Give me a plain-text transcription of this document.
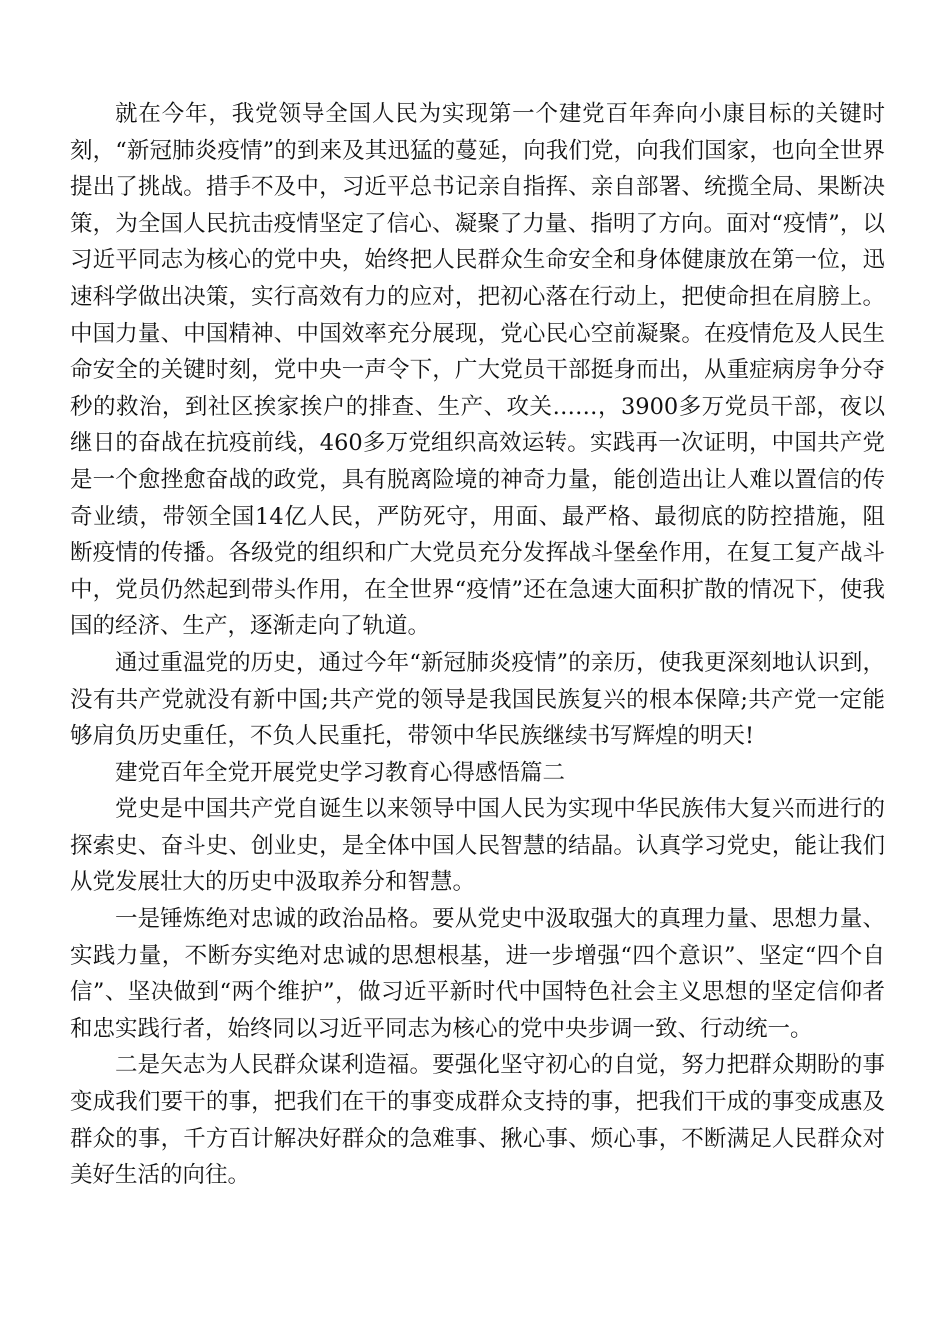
就在今年，我党领导全国人民为实现第一个建党百年奔向小康目标的关键时刻，“新冠肺炎疫情”的到来及其迅猛的蔓延，向我们党，向我们国家，也向全世界提出了挑战。措手不及中，习近平总书记亲自指挥、亲自部署、统揽全局、果断决策，为全国人民抗击疫情坚定了信心、凝聚了力量、指明了方向。面对“疫情”，以习近平同志为核心的党中央，始终把人民群众生命安全和身体健康放在第一位，迅速科学做出决策，实行高效有力的应对，把初心落在行动上，把使命担在肩膀上。中国力量、中国精神、中国效率充分展现，党心民心空前凝聚。在疫情危及人民生命安全的关键时刻，党中央一声令下，广大党员干部挺身而出，从重症病房争分夺秒的救治，到社区挨家挨户的排查、生产、攻关……，3900多万党员干部，夜以继日的奋战在抗疫前线，460多万党组织高效运转。实践再一次证明，中国共产党是一个愈挫愈奋战的政党，具有脱离险境的神奇力量，能创造出让人难以置信的传奇业绩，带领全国14亿人民，严防死守，用面、最严格、最彻底的防控措施，阻断疫情的传播。各级党的组织和广大党员充分发挥战斗堡垒作用，在复工复产战斗中，党员仍然起到带头作用，在全世界“疫情”还在急速大面积扩散的情况下，使我国的经济、生产，逐渐走向了轨道。

通过重温党的历史，通过今年“新冠肺炎疫情”的亲历，使我更深刻地认识到，没有共产党就没有新中国;共产党的领导是我国民族复兴的根本保障;共产党一定能够肩负历史重任，不负人民重托，带领中华民族继续书写辉煌的明天!

建党百年全党开展党史学习教育心得感悟篇二

党史是中国共产党自诞生以来领导中国人民为实现中华民族伟大复兴而进行的探索史、奋斗史、创业史，是全体中国人民智慧的结晶。认真学习党史，能让我们从党发展壮大的历史中汲取养分和智慧。

一是锤炼绝对忠诚的政治品格。要从党史中汲取强大的真理力量、思想力量、实践力量，不断夯实绝对忠诚的思想根基，进一步增强“四个意识”、坚定“四个自信”、坚决做到“两个维护”，做习近平新时代中国特色社会主义思想的坚定信仰者和忠实践行者，始终同以习近平同志为核心的党中央步调一致、行动统一。

二是矢志为人民群众谋利造福。要强化坚守初心的自觉，努力把群众期盼的事变成我们要干的事，把我们在干的事变成群众支持的事，把我们干成的事变成惠及群众的事，千方百计解决好群众的急难事、揪心事、烦心事，不断满足人民群众对美好生活的向往。
